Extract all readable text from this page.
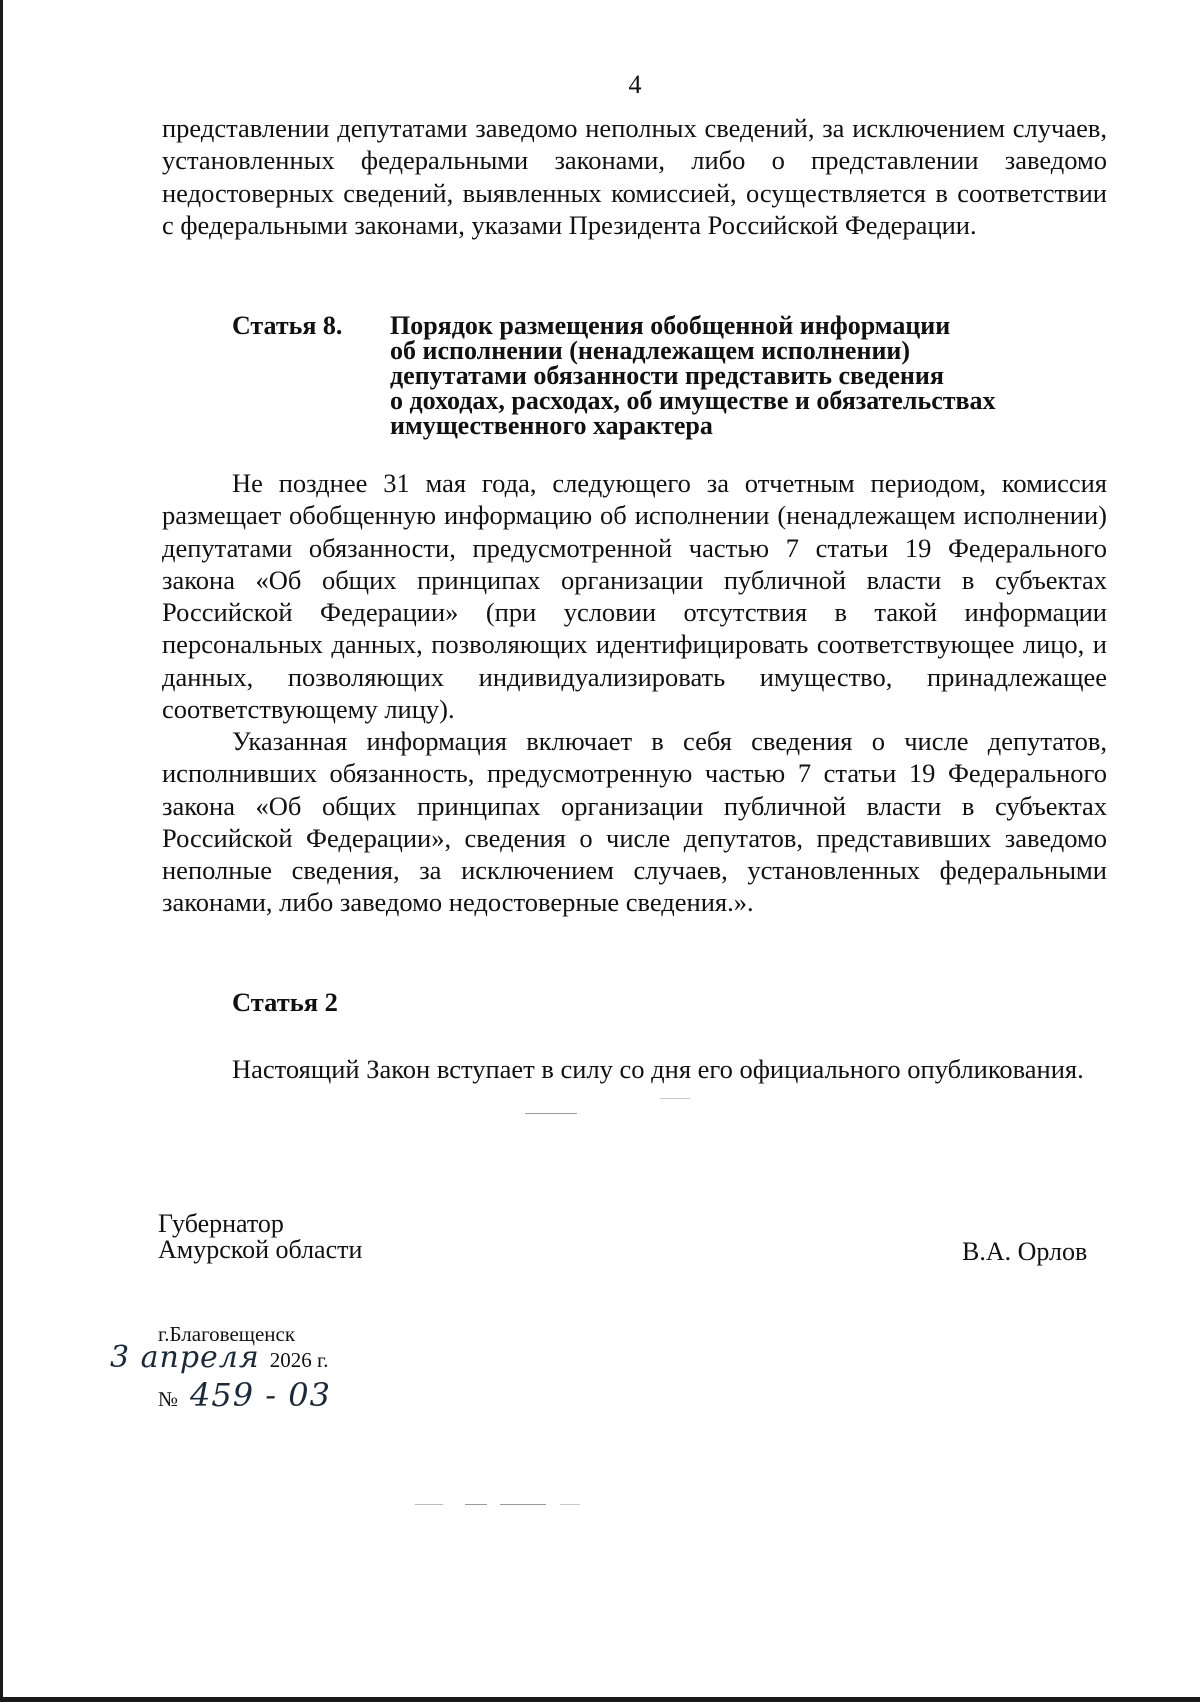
4

представлении депутатами заведомо неполных сведений, за исключением случаев, установленных федеральными законами, либо о представлении заведомо недостоверных сведений, выявленных комиссией, осуществляется в соответствии с федеральными законами, указами Президента Российской Федерации.

Статья 8.	Порядок размещения обобщенной информации
об исполнении (ненадлежащем исполнении)
депутатами обязанности представить сведения
о доходах, расходах, об имуществе и обязательствах
имущественного характера

Не позднее 31 мая года, следующего за отчетным периодом, комиссия размещает обобщенную информацию об исполнении (ненадлежащем исполнении) депутатами обязанности, предусмотренной частью 7 статьи 19 Федерального закона «Об общих принципах организации публичной власти в субъектах Российской Федерации» (при условии отсутствия в такой информации персональных данных, позволяющих идентифицировать соответствующее лицо, и данных, позволяющих индивидуализировать имущество, принадлежащее соответствующему лицу).

Указанная информация включает в себя сведения о числе депутатов, исполнивших обязанность, предусмотренную частью 7 статьи 19 Федерального закона «Об общих принципах организации публичной власти в субъектах Российской Федерации», сведения о числе депутатов, представивших заведомо неполные сведения, за исключением случаев, установленных федеральными законами, либо заведомо недостоверные сведения.».

Статья 2

Настоящий Закон вступает в силу со дня его официального опубликования.

Губернатор
Амурской области	В.А. Орлов
г.Благовещенск
3 апреля 2026 г.
№ 459 - 03
